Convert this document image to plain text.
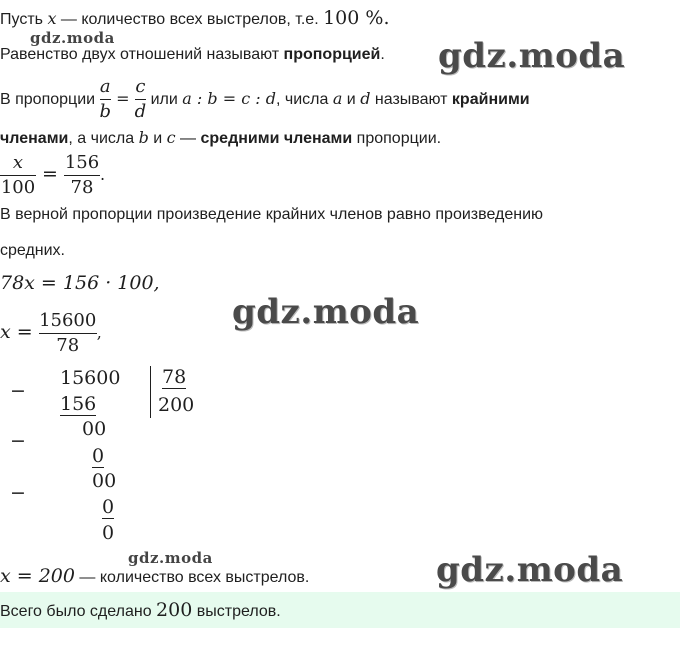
Пусть x — количество всех выстрелов, т.е. 100 %.
gdz.moda
Равенство двух отношений называют пропорцией. gdz.moda
В пропорции $\frac{a}{b} = \frac{c}{d}$ или a : b = c : d, числа a и d называют крайними
членами, а числа b и c — средними членами пропорции.
$\frac{x}{100} = \frac{156}{78}$ .
В верной пропорции произведение крайних членов равно произведению
средних.
78x = 156 · 100,
$x = \frac{15600}{78}$ ,
gdz.moda
−
15600
156
78
200
−
00
0
−
00
0
0
gdz.moda
x = 200 — количество всех выстрелов.	gdz.moda
Всего было сделано 200 выстрелов.
